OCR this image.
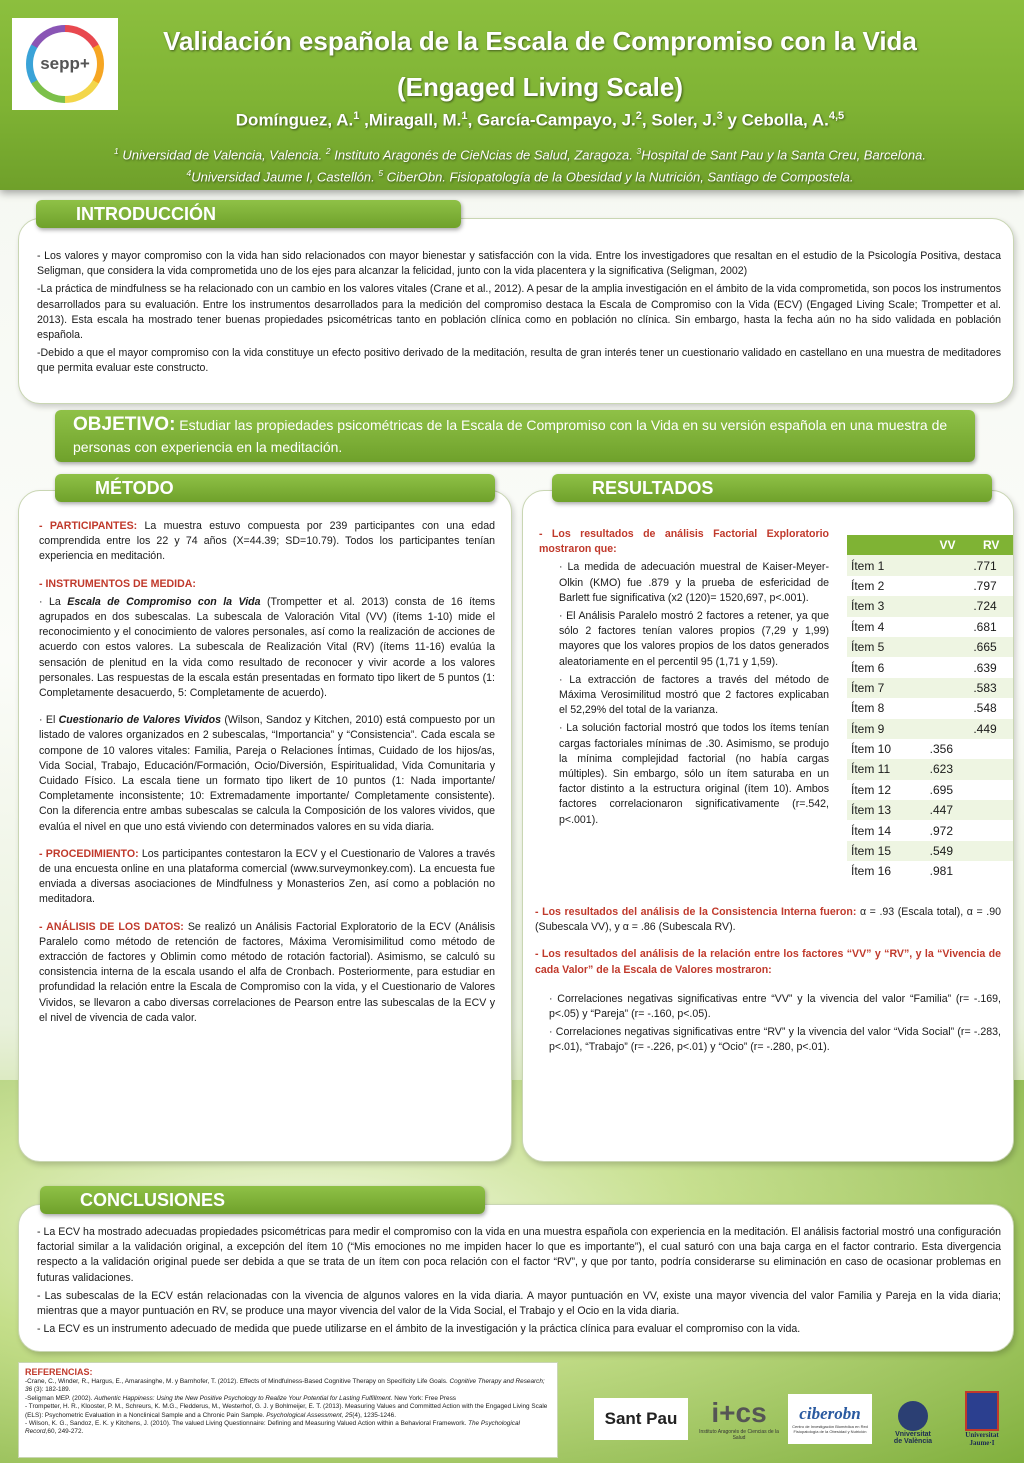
sepp+
Validación española de la Escala de Compromiso con la Vida
(Engaged Living Scale)
Domínguez, A.$^1$ ,Miragall, M.$^1$, García-Campayo, J.$^2$, Soler, J.$^3$ y Cebolla, A.$^{4,5}$
$^1$ Universidad de Valencia, Valencia. $^2$ Instituto Aragonés de CieNcias de Salud, Zaragoza. $^3$Hospital de Sant Pau y la Santa Creu, Barcelona.
$^4$Universidad Jaume I, Castellón. $^5$ CiberObn. Fisiopatología de la Obesidad y la Nutrición, Santiago de Compostela.
INTRODUCCIÓN

- Los valores y mayor compromiso con la vida han sido relacionados con mayor bienestar y satisfacción con la vida. Entre los investigadores que resaltan en el estudio de la Psicología Positiva, destaca Seligman, que considera la vida comprometida uno de los ejes para alcanzar la felicidad, junto con la vida placentera y la significativa (Seligman, 2002)

-La práctica de mindfulness se ha relacionado con un cambio en los valores vitales (Crane et al., 2012). A pesar de la amplia investigación en el ámbito de la vida comprometida, son pocos los instrumentos desarrollados para su evaluación. Entre los instrumentos desarrollados para la medición del compromiso destaca la Escala de Compromiso con la Vida (ECV) (Engaged Living Scale; Trompetter et al. 2013). Esta escala ha mostrado tener buenas propiedades psicométricas tanto en población clínica como en población no clínica. Sin embargo, hasta la fecha aún no ha sido validada en población española.

-Debido a que el mayor compromiso con la vida constituye un efecto positivo derivado de la meditación, resulta de gran interés tener un cuestionario validado en castellano en una muestra de meditadores que permita evaluar este constructo.

OBJETIVO: Estudiar las propiedades psicométricas de la Escala de Compromiso con la Vida en su versión española en una muestra de personas con experiencia en la meditación.
MÉTODO

- PARTICIPANTES: La muestra estuvo compuesta por 239 participantes con una edad comprendida entre los 22 y 74 años (X=44.39; SD=10.79). Todos los participantes tenían experiencia en meditación.

- INSTRUMENTOS DE MEDIDA:

· La Escala de Compromiso con la Vida (Trompetter et al. 2013) consta de 16 ítems agrupados en dos subescalas. La subescala de Valoración Vital (VV) (ítems 1-10) mide el reconocimiento y el conocimiento de valores personales, así como la realización de acciones de acuerdo con estos valores. La subescala de Realización Vital (RV) (ítems 11-16) evalúa la sensación de plenitud en la vida como resultado de reconocer y vivir acorde a los valores personales. Las respuestas de la escala están presentadas en formato tipo likert de 5 puntos (1: Completamente desacuerdo, 5: Completamente de acuerdo).

· El Cuestionario de Valores Vividos (Wilson, Sandoz y Kitchen, 2010) está compuesto por un listado de valores organizados en 2 subescalas, “Importancia” y “Consistencia”. Cada escala se compone de 10 valores vitales: Familia, Pareja o Relaciones Íntimas, Cuidado de los hijos/as, Vida Social, Trabajo, Educación/Formación, Ocio/Diversión, Espiritualidad, Vida Comunitaria y Cuidado Físico. La escala tiene un formato tipo likert de 10 puntos (1: Nada importante/ Completamente inconsistente; 10: Extremadamente importante/ Completamente consistente). Con la diferencia entre ambas subescalas se calcula la Composición de los valores vividos, que evalúa el nivel en que uno está viviendo con determinados valores en su vida diaria.

- PROCEDIMIENTO: Los participantes contestaron la ECV y el Cuestionario de Valores a través de una encuesta online en una plataforma comercial (www.surveymonkey.com). La encuesta fue enviada a diversas asociaciones de Mindfulness y Monasterios Zen, así como a población no meditadora.

- ANÁLISIS DE LOS DATOS: Se realizó un Análisis Factorial Exploratorio de la ECV (Análisis Paralelo como método de retención de factores, Máxima Veromisimilitud como método de extracción de factores y Oblimin como método de rotación factorial). Asimismo, se calculó su consistencia interna de la escala usando el alfa de Cronbach. Posteriormente, para estudiar en profundidad la relación entre la Escala de Compromiso con la vida, y el Cuestionario de Valores Vividos, se llevaron a cabo diversas correlaciones de Pearson entre las subescalas de la ECV y el nivel de vivencia de cada valor.

RESULTADOS

- Los resultados de análisis Factorial Exploratorio mostraron que:

· La medida de adecuación muestral de Kaiser-Meyer-Olkin (KMO) fue .879 y la prueba de esfericidad de Barlett fue significativa (x2 (120)= 1520,697, p<.001).

· El Análisis Paralelo mostró 2 factores a retener, ya que sólo 2 factores tenían valores propios (7,29 y 1,99) mayores que los valores propios de los datos generados aleatoriamente en el percentil 95 (1,71 y 1,59).

· La extracción de factores a través del método de Máxima Verosimilitud mostró que 2 factores explicaban el 52,29% del total de la varianza.

· La solución factorial mostró que todos los ítems tenían cargas factoriales mínimas de .30. Asimismo, se produjo la mínima complejidad factorial (no había cargas múltiples). Sin embargo, sólo un ítem saturaba en un factor distinto a la estructura original (ítem 10). Ambos factores correlacionaron significativamente (r=.542, p<.001).

	VV	RV
Ítem 1		.771
Ítem 2		.797
Ítem 3		.724
Ítem 4		.681
Ítem 5		.665
Ítem 6		.639
Ítem 7		.583
Ítem 8		.548
Ítem 9		.449
Ítem 10	.356	
Ítem 11	.623	
Ítem 12	.695	
Ítem 13	.447	
Ítem 14	.972	
Ítem 15	.549	
Ítem 16	.981	

- Los resultados del análisis de la Consistencia Interna fueron: α = .93 (Escala total), α = .90 (Subescala VV), y α = .86 (Subescala RV).

- Los resultados del análisis de la relación entre los factores “VV” y “RV”, y la “Vivencia de cada Valor” de la Escala de Valores mostraron:

· Correlaciones negativas significativas entre “VV” y la vivencia del valor “Familia” (r= -.169, p<.05) y “Pareja” (r= -.160, p<.05).

· Correlaciones negativas significativas entre “RV” y la vivencia del valor “Vida Social” (r= -.283, p<.01), “Trabajo” (r= -.226, p<.01) y “Ocio” (r= -.280, p<.01).

CONCLUSIONES

- La ECV ha mostrado adecuadas propiedades psicométricas para medir el compromiso con la vida en una muestra española con experiencia en la meditación. El análisis factorial mostró una configuración factorial similar a la validación original, a excepción del ítem 10 (“Mis emociones no me impiden hacer lo que es importante”), el cual saturó con una baja carga en el factor contrario. Esta divergencia respecto a la validación original puede ser debida a que se trata de un ítem con poca relación con el factor “RV”, y que por tanto, podría considerarse su eliminación en caso de ocasionar problemas en futuras validaciones.

- Las subescalas de la ECV están relacionadas con la vivencia de algunos valores en la vida diaria. A mayor puntuación en VV, existe una mayor vivencia del valor Familia y Pareja en la vida diaria; mientras que a mayor puntuación en RV, se produce una mayor vivencia del valor de la Vida Social, el Trabajo y el Ocio en la vida diaria.

- La ECV es un instrumento adecuado de medida que puede utilizarse en el ámbito de la investigación y la práctica clínica para evaluar el compromiso con la vida.

REFERENCIAS:
-Crane, C., Winder, R., Hargus, E., Amarasinghe, M. y Barnhofer, T. (2012). Effects of Mindfulness-Based Cognitive Therapy on Specificity Life Goals. Cognitive Therapy and Research; 36 (3): 182-189.
-Seligman MEP. (2002). Authentic Happiness: Using the New Positive Psychology to Realize Your Potential for Lasting Fulfillment. New York: Free Press
- Trompetter, H. R., Klooster, P. M., Schreurs, K. M.G., Fledderus, M., Westerhof, G. J. y Bohlmeijer, E. T. (2013). Measuring Values and Committed Action with the Engaged Living Scale (ELS): Psychometric Evaluation in a Nonclinical Sample and a Chronic Pain Sample. Psychological Assessment, 25(4), 1235-1246.
- Wilson, K. G., Sandoz, E. K. y Kitchens, J. (2010). The valued Living Questionnaire: Defining and Measuring Valued Action within a Behavioral Framework. The Psychological Record,60, 249-272.
Sant Pau i+cs
Instituto Aragonés de Ciencias de la Salud
ciberobn
Centro de Investigación Biomédica en Red Fisiopatología de la Obesidad y Nutrición	Vniversitat
de València
Universitat
Jaume·I
